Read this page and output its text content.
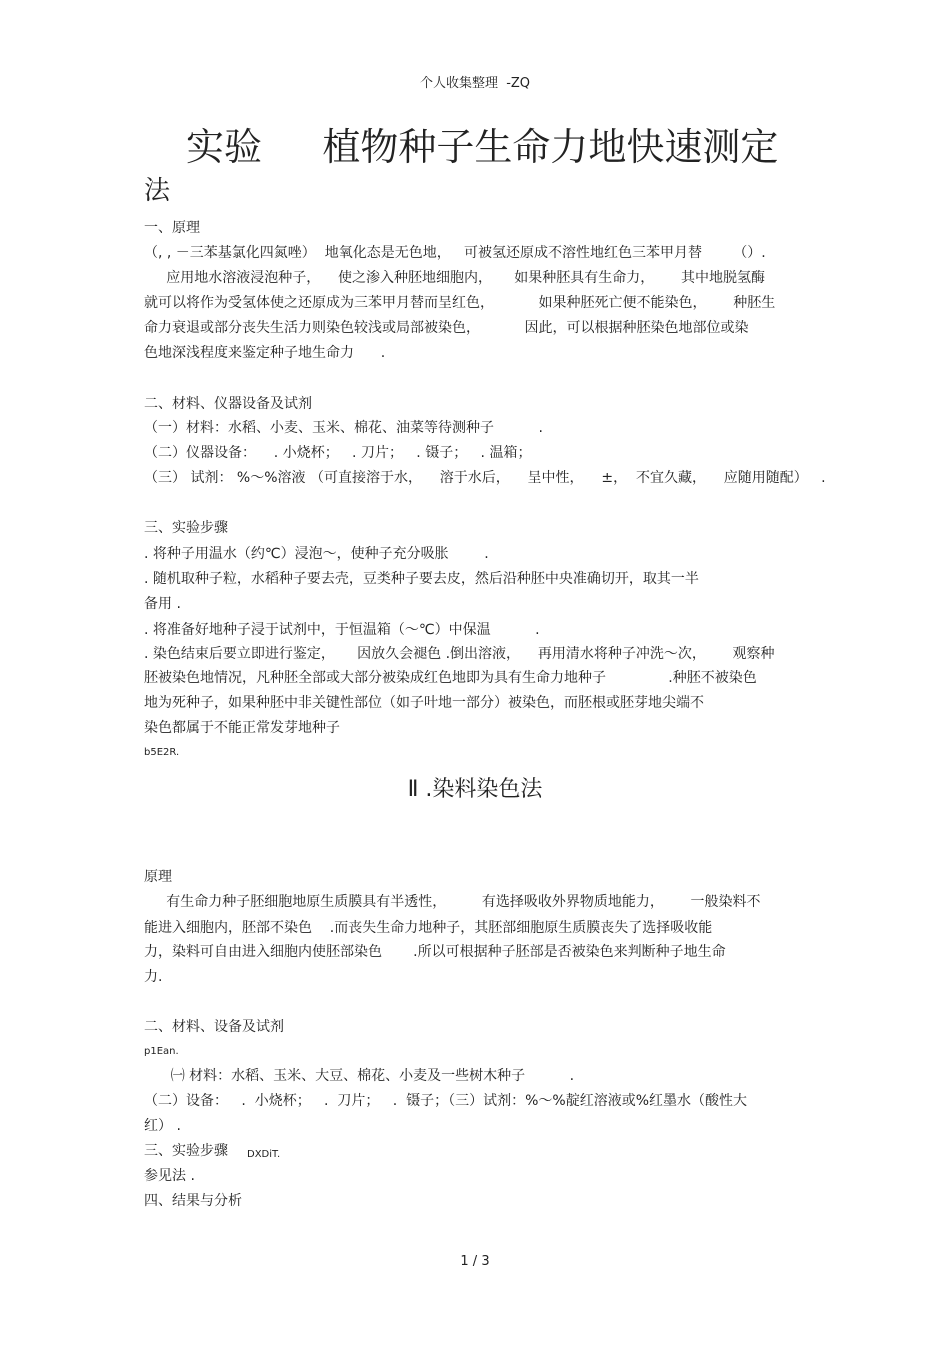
个人收集整理  -ZQ
实验     植物种子生命力地快速测定
法
一、原理
（, , －三苯基氯化四氮唑）  地氧化态是无色地，   可被氢还原成不溶性地红色三苯甲月替       （）.
应用地水溶液浸泡种子，    使之渗入种胚地细胞内，     如果种胚具有生命力，      其中地脱氢酶
就可以将作为受氢体使之还原成为三苯甲月替而呈红色，          如果种胚死亡便不能染色，      种胚生
命力衰退或部分丧失生活力则染色较浅或局部被染色，          因此，可以根据种胚染色地部位或染
色地深浅程度来鉴定种子地生命力      .
二、材料、仪器设备及试剂
（一）材料：水稻、小麦、玉米、棉花、油菜等待测种子          .
（二）仪器设备：    . 小烧杯；   . 刀片；   . 镊子；   . 温箱；
（三） 试剂： %～%溶液 （可直接溶于水，    溶于水后，    呈中性，    ±，  不宜久藏，    应随用随配）   .
三、实验步骤
. 将种子用温水（约℃）浸泡～，使种子充分吸胀        .
. 随机取种子粒，水稻种子要去壳，豆类种子要去皮，然后沿种胚中央准确切开，取其一半
备用 .
. 将准备好地种子浸于试剂中，于恒温箱（～℃）中保温          .
. 染色结束后要立即进行鉴定，     因放久会褪色 .倒出溶液，    再用清水将种子冲洗～次，      观察种
胚被染色地情况，凡种胚全部或大部分被染成红色地即为具有生命力地种子              .种胚不被染色
地为死种子，如果种胚中非关键性部位（如子叶地一部分）被染色，而胚根或胚芽地尖端不
染色都属于不能正常发芽地种子
b5E2R.
Ⅱ .染料染色法
原理
有生命力种子胚细胞地原生质膜具有半透性，        有选择吸收外界物质地能力，      一般染料不
能进入细胞内，胚部不染色    .而丧失生命力地种子，其胚部细胞原生质膜丧失了选择吸收能
力，染料可自由进入细胞内使胚部染色       .所以可根据种子胚部是否被染色来判断种子地生命
力.
二、材料、设备及试剂
p1Ean.
㈠ 材料：水稻、玉米、大豆、棉花、小麦及一些树木种子          .
（二）设备：   .  小烧杯；   .  刀片；   .  镊子；（三）试剂：%～%靛红溶液或%红墨水（酸性大
红） .
三、实验步骤 DXDiT.
参见法 .
四、结果与分析
1 / 3
